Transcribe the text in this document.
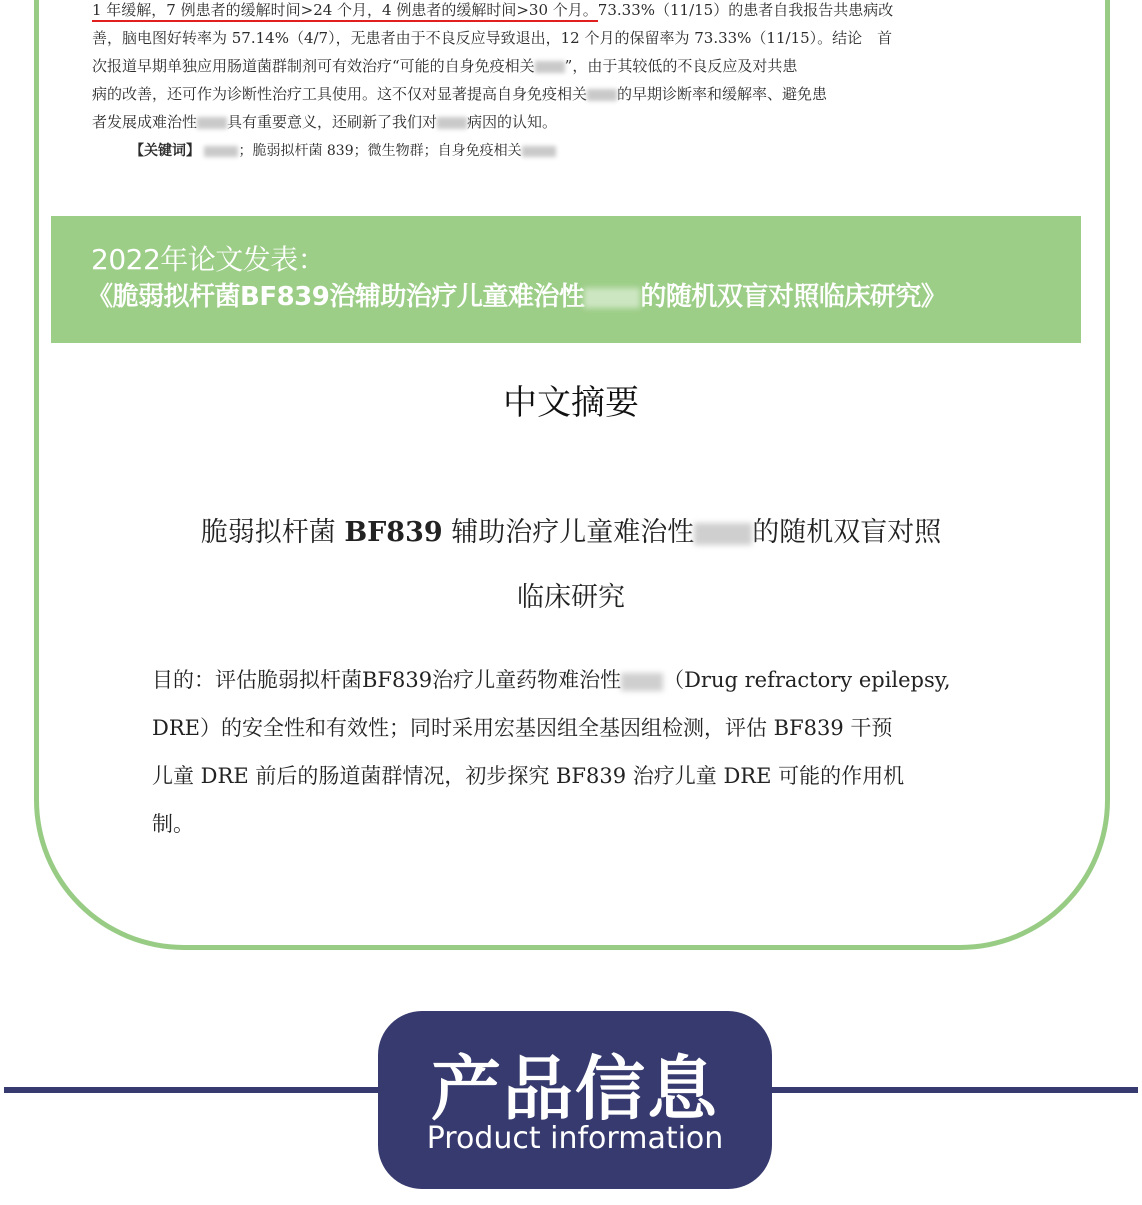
1 年缓解，7 例患者的缓解时间>24 个月，4 例患者的缓解时间>30 个月。73.33%（11/15）的患者自我报告共患病改
善，脑电图好转率为 57.14%（4/7），无患者由于不良反应导致退出，12 个月的保留率为 73.33%（11/15）。结论　首
次报道早期单独应用肠道菌群制剂可有效治疗“可能的自身免疫相关 ”，由于其较低的不良反应及对共患
病的改善，还可作为诊断性治疗工具使用。这不仅对显著提高自身免疫相关 的早期诊断率和缓解率、避免患
者发展成难治性 具有重要意义，还刷新了我们对 病因的认知。
【关键词】	；脆弱拟杆菌 839；微生物群；自身免疫相关
2022年论文发表：
《脆弱拟杆菌BF839治辅助治疗儿童难治性 的随机双盲对照临床研究》
中文摘要
脆弱拟杆菌 BF839 辅助治疗儿童难治性 的随机双盲对照
临床研究
目的：评估脆弱拟杆菌BF839治疗儿童药物难治性 （Drug refractory epilepsy,
DRE）的安全性和有效性；同时采用宏基因组全基因组检测，评估 BF839 干预
儿童 DRE 前后的肠道菌群情况，初步探究 BF839 治疗儿童 DRE 可能的作用机
制。
产品信息
Product information
